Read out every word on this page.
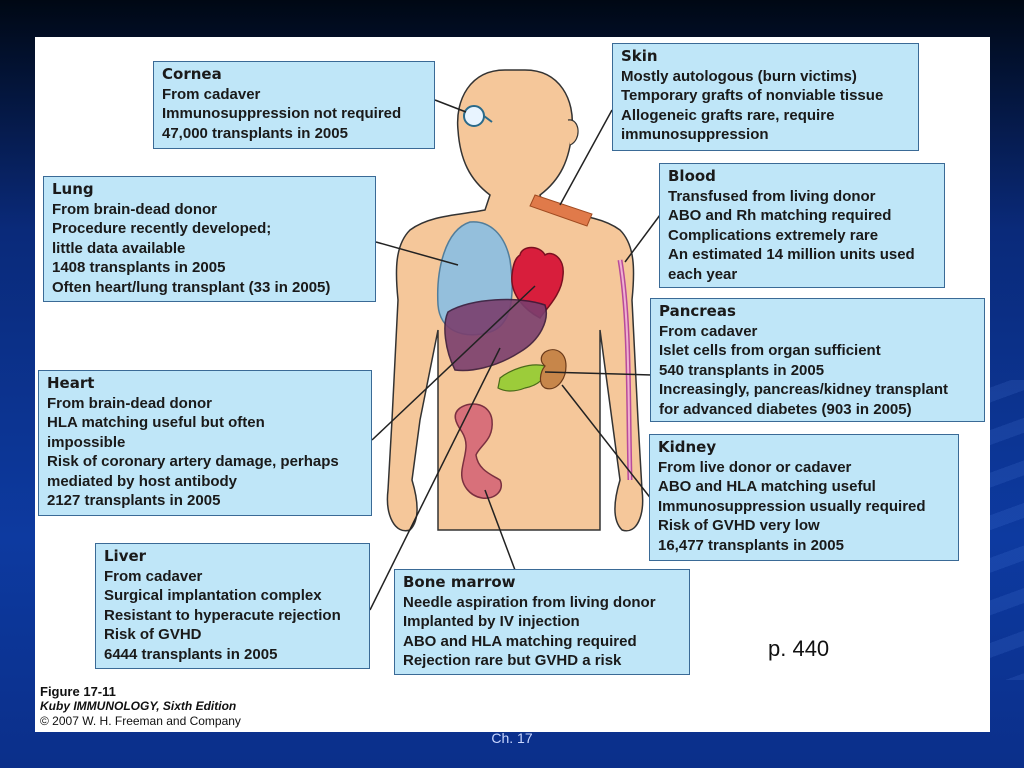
Cornea
From cadaver
Immunosuppression not required
47,000 transplants in 2005
Skin
Mostly autologous (burn victims)
Temporary grafts of nonviable tissue
Allogeneic grafts rare, require
immunosuppression
Lung
From brain-dead donor
Procedure recently developed;
little data available
1408 transplants in 2005
Often heart/lung transplant (33 in 2005)
Blood
Transfused from living donor
ABO and Rh matching required
Complications extremely rare
An estimated 14 million units used
each year
Pancreas
From cadaver
Islet cells from organ sufficient
540 transplants in 2005
Increasingly, pancreas/kidney transplant
for advanced diabetes (903 in 2005)
Heart
From brain-dead donor
HLA matching useful but often
impossible
Risk of coronary artery damage, perhaps
mediated by host antibody
2127 transplants in 2005
Kidney
From live donor or cadaver
ABO and HLA matching useful
Immunosuppression usually required
Risk of GVHD very low
16,477 transplants in 2005
Liver
From cadaver
Surgical implantation complex
Resistant to hyperacute rejection
Risk of GVHD
6444 transplants in 2005
Bone marrow
Needle aspiration from living donor
Implanted by IV injection
ABO and HLA matching required
Rejection rare but GVHD a risk	p. 440
Figure 17-11
Kuby IMMUNOLOGY, Sixth Edition
© 2007 W. H. Freeman and Company
Ch. 17
